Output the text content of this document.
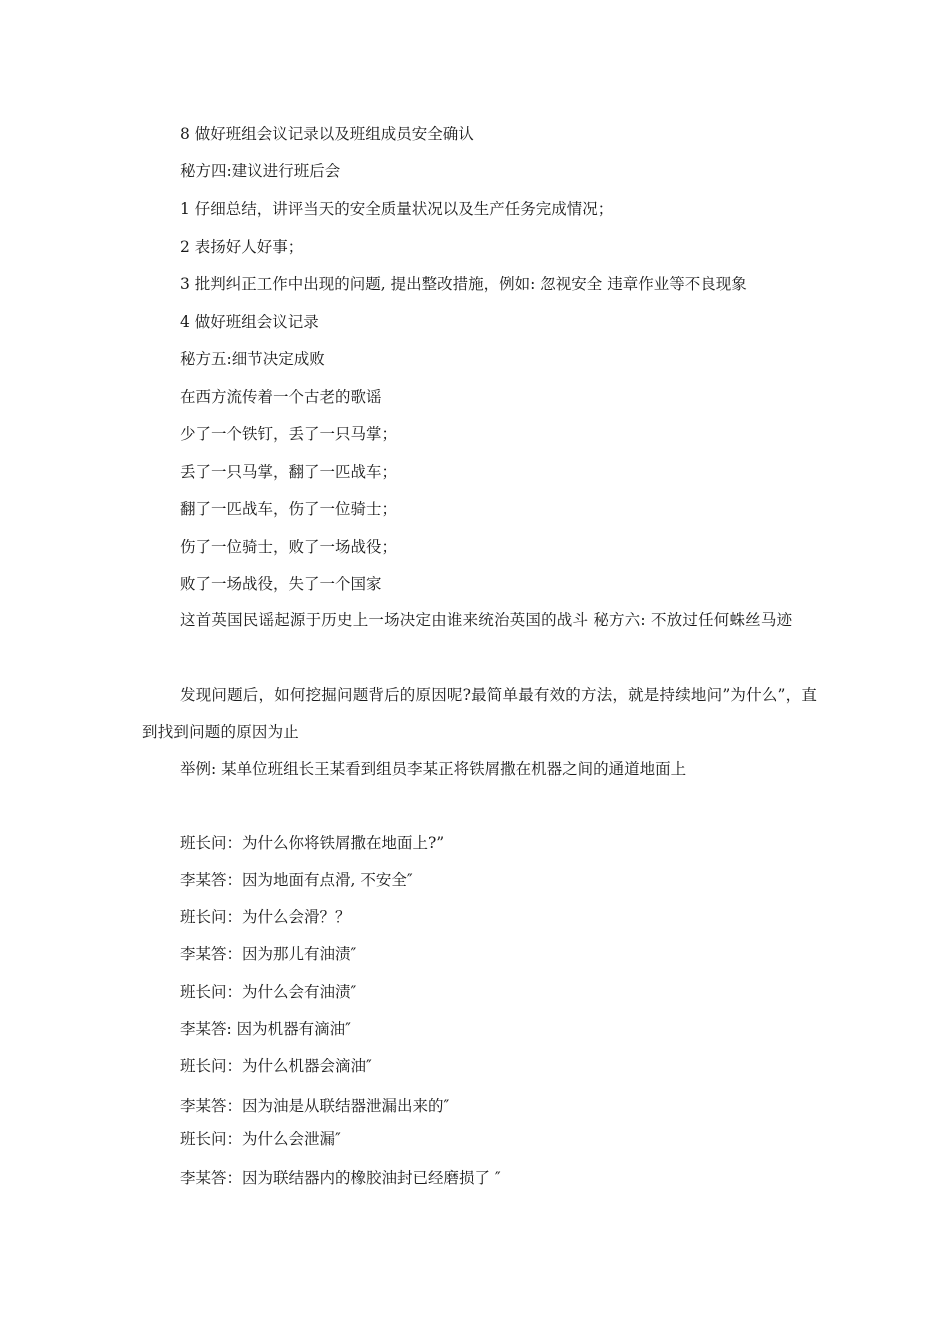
8 做好班组会议记录以及班组成员安全确认
秘方四:建议进行班后会
1 仔细总结，讲评当天的安全质量状况以及生产任务完成情况；
2 表扬好人好事；
3 批判纠正工作中出现的问题, 提出整改措施，例如: 忽视安全 违章作业等不良现象
4 做好班组会议记录
秘方五:细节决定成败
在西方流传着一个古老的歌谣
少了一个铁钉，丢了一只马掌；
丢了一只马掌，翻了一匹战车；
翻了一匹战车，伤了一位骑士；
伤了一位骑士，败了一场战役；
败了一场战役，失了一个国家
这首英国民谣起源于历史上一场决定由谁来统治英国的战斗 秘方六: 不放过任何蛛丝马迹
发现问题后，如何挖掘问题背后的原因呢?最简单最有效的方法，就是持续地问”为什么”，直到找到问题的原因为止
举例: 某单位班组长王某看到组员李某正将铁屑撒在机器之间的通道地面上
班长问：为什么你将铁屑撒在地面上?”
李某答：因为地面有点滑, 不安全″
班长问：为什么会滑？？
李某答：因为那儿有油渍″
班长问：为什么会有油渍″
李某答: 因为机器有滴油″
班长问：为什么机器会滴油″
李某答：因为油是从联结器泄漏出来的″
班长问：为什么会泄漏″
李某答：因为联结器内的橡胶油封已经磨损了 ″
